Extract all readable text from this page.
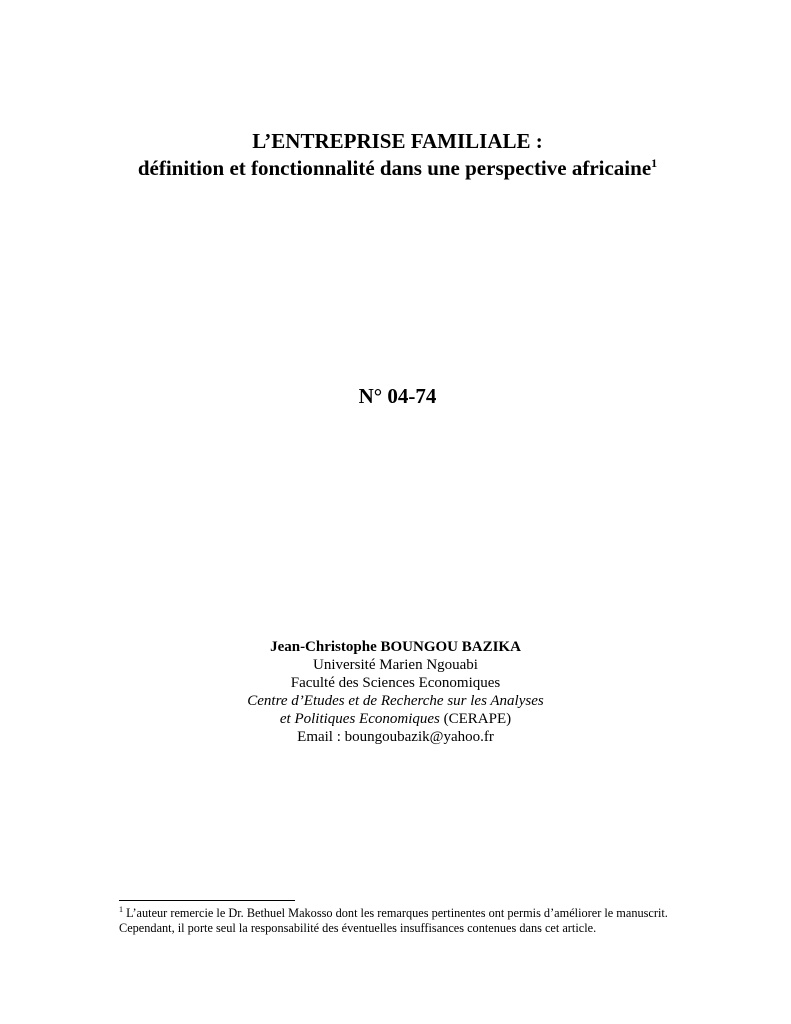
L’ENTREPRISE FAMILIALE :
définition et fonctionnalité dans une perspective africaine$^1$
N° 04-74
Jean-Christophe BOUNGOU BAZIKA
Université Marien Ngouabi
Faculté des Sciences Economiques
Centre d’Etudes et de Recherche sur les Analyses
et Politiques Economiques (CERAPE)
Email : boungoubazik@yahoo.fr
$^1$ L’auteur remercie le Dr. Bethuel Makosso dont les remarques pertinentes ont permis d’améliorer le manuscrit.
Cependant, il porte seul la responsabilité des éventuelles insuffisances contenues dans cet article.
